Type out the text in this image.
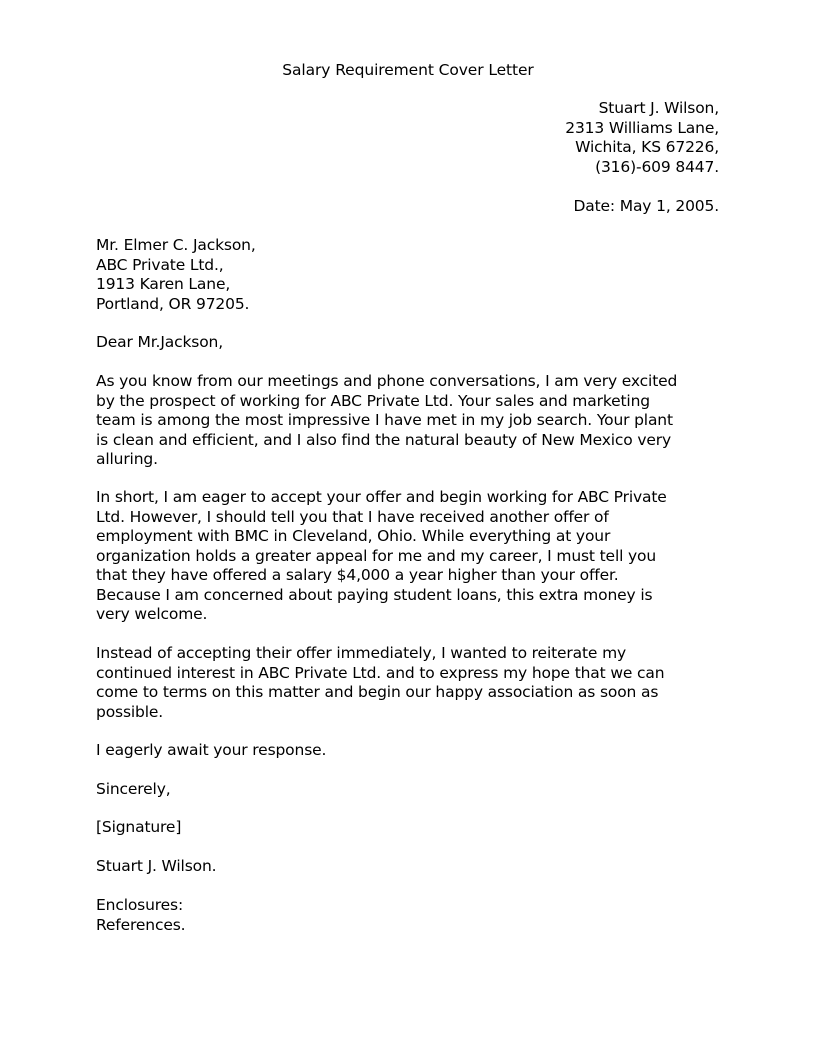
Salary Requirement Cover Letter
Stuart J. Wilson,
2313 Williams Lane,
Wichita, KS 67226,
(316)-609 8447.
Date: May 1, 2005.
Mr. Elmer C. Jackson,
ABC Private Ltd.,
1913 Karen Lane,
Portland, OR 97205.
Dear Mr.Jackson,
As you know from our meetings and phone conversations, I am very excited
by the prospect of working for ABC Private Ltd. Your sales and marketing
team is among the most impressive I have met in my job search. Your plant
is clean and efficient, and I also find the natural beauty of New Mexico very
alluring.
In short, I am eager to accept your offer and begin working for ABC Private
Ltd. However, I should tell you that I have received another offer of
employment with BMC in Cleveland, Ohio. While everything at your
organization holds a greater appeal for me and my career, I must tell you
that they have offered a salary $4,000 a year higher than your offer.
Because I am concerned about paying student loans, this extra money is
very welcome.
Instead of accepting their offer immediately, I wanted to reiterate my
continued interest in ABC Private Ltd. and to express my hope that we can
come to terms on this matter and begin our happy association as soon as
possible.
I eagerly await your response.
Sincerely,
[Signature]
Stuart J. Wilson.
Enclosures:
References.
